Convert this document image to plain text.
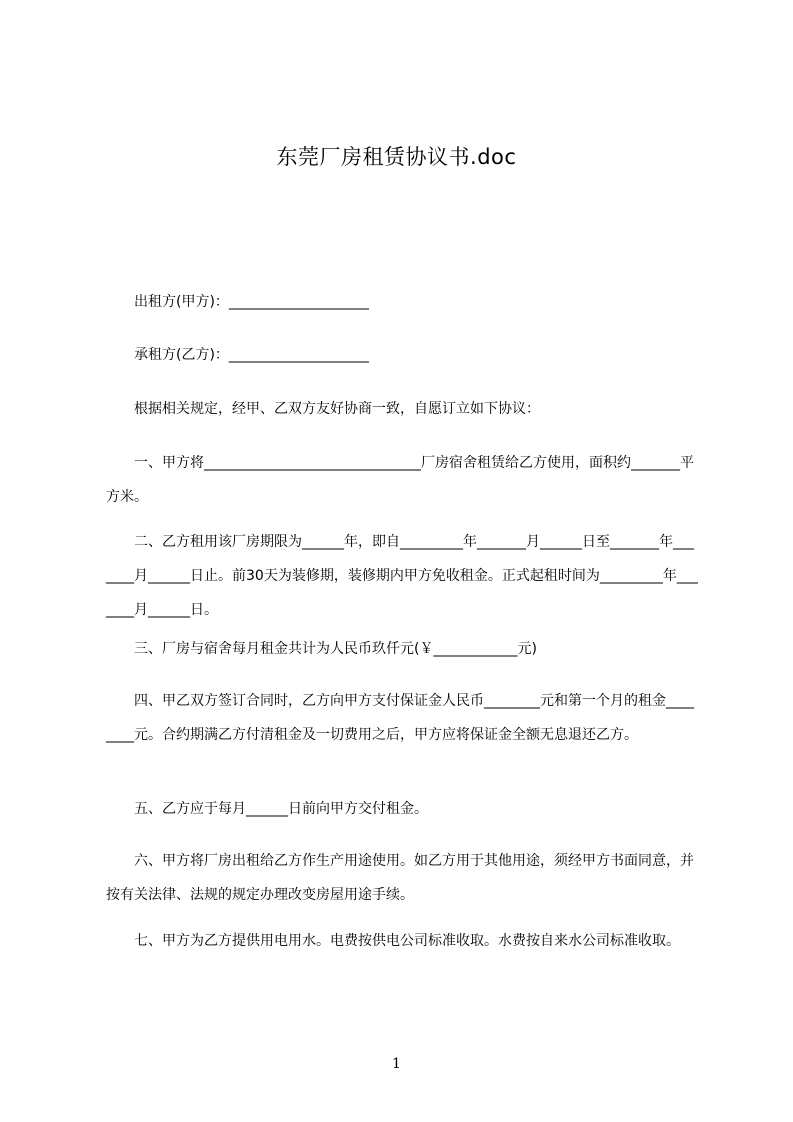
东莞厂房租赁协议书.doc
　　出租方(甲方)：____________________
　　承租方(乙方)：____________________
　　根据相关规定，经甲、乙双方友好协商一致，自愿订立如下协议：
　　一、甲方将_______________________________厂房宿舍租赁给乙方使用，面积约_______平方米。
　　二、乙方租用该厂房期限为______年，即自_________年_______月______日至_______年_______月______日止。前30天为装修期，装修期内甲方免收租金。正式起租时间为_________年_______月______日。
　　三、厂房与宿舍每月租金共计为人民币玖仟元(￥____________元)
　　四、甲乙双方签订合同时，乙方向甲方支付保证金人民币________元和第一个月的租金________元。合约期满乙方付清租金及一切费用之后，甲方应将保证金全额无息退还乙方。
　　五、乙方应于每月______日前向甲方交付租金。
　　六、甲方将厂房出租给乙方作生产用途使用。如乙方用于其他用途，须经甲方书面同意，并按有关法律、法规的规定办理改变房屋用途手续。
　　七、甲方为乙方提供用电用水。电费按供电公司标准收取。水费按自来水公司标准收取。
1
